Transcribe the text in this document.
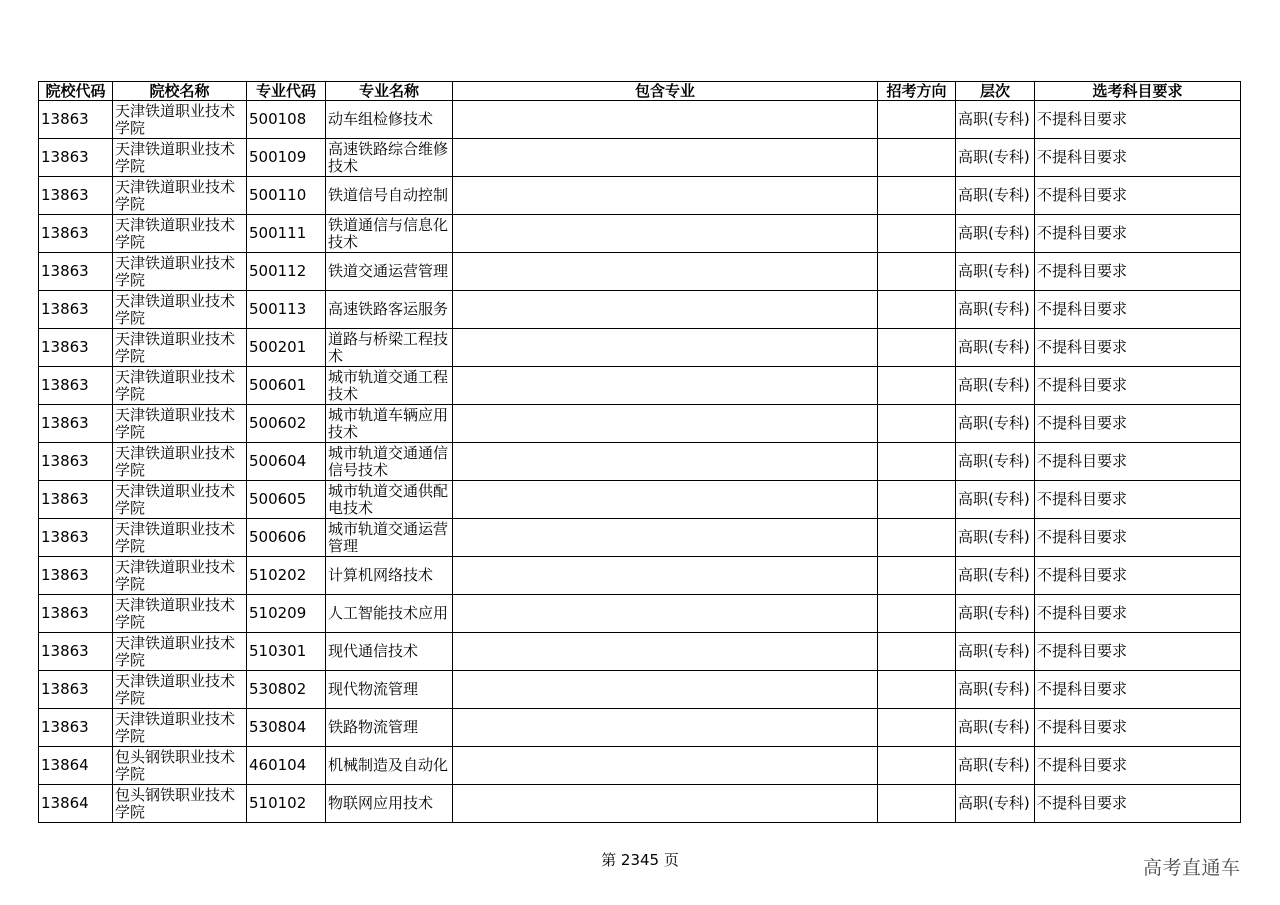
院校代码	院校名称	专业代码	专业名称	包含专业	招考方向	层次	选考科目要求
13863	天津铁道职业技术学院	500108	动车组检修技术			高职(专科)	不提科目要求
13863	天津铁道职业技术学院	500109	高速铁路综合维修技术			高职(专科)	不提科目要求
13863	天津铁道职业技术学院	500110	铁道信号自动控制			高职(专科)	不提科目要求
13863	天津铁道职业技术学院	500111	铁道通信与信息化技术			高职(专科)	不提科目要求
13863	天津铁道职业技术学院	500112	铁道交通运营管理			高职(专科)	不提科目要求
13863	天津铁道职业技术学院	500113	高速铁路客运服务			高职(专科)	不提科目要求
13863	天津铁道职业技术学院	500201	道路与桥梁工程技术			高职(专科)	不提科目要求
13863	天津铁道职业技术学院	500601	城市轨道交通工程技术			高职(专科)	不提科目要求
13863	天津铁道职业技术学院	500602	城市轨道车辆应用技术			高职(专科)	不提科目要求
13863	天津铁道职业技术学院	500604	城市轨道交通通信信号技术			高职(专科)	不提科目要求
13863	天津铁道职业技术学院	500605	城市轨道交通供配电技术			高职(专科)	不提科目要求
13863	天津铁道职业技术学院	500606	城市轨道交通运营管理			高职(专科)	不提科目要求
13863	天津铁道职业技术学院	510202	计算机网络技术			高职(专科)	不提科目要求
13863	天津铁道职业技术学院	510209	人工智能技术应用			高职(专科)	不提科目要求
13863	天津铁道职业技术学院	510301	现代通信技术			高职(专科)	不提科目要求
13863	天津铁道职业技术学院	530802	现代物流管理			高职(专科)	不提科目要求
13863	天津铁道职业技术学院	530804	铁路物流管理			高职(专科)	不提科目要求
13864	包头钢铁职业技术学院	460104	机械制造及自动化			高职(专科)	不提科目要求
13864	包头钢铁职业技术学院	510102	物联网应用技术			高职(专科)	不提科目要求
第 2345 页	高考直通车
